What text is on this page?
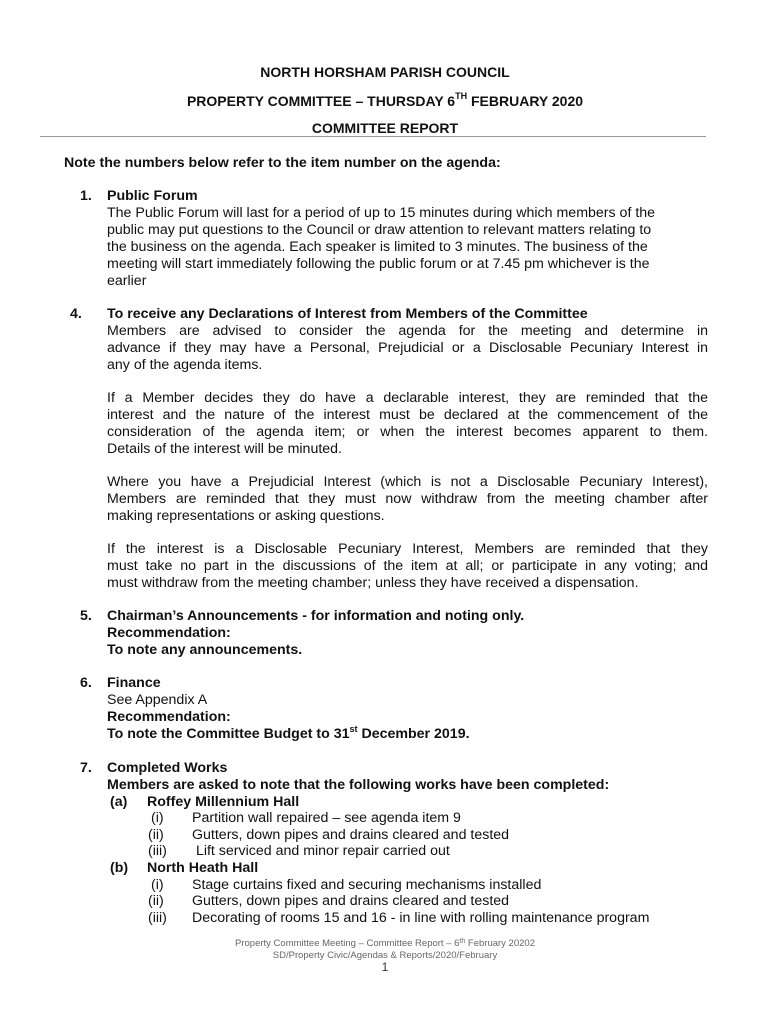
NORTH HORSHAM PARISH COUNCIL
PROPERTY COMMITTEE – THURSDAY 6TH FEBRUARY 2020
COMMITTEE REPORT
Note the numbers below refer to the item number on the agenda:
1. Public Forum
The Public Forum will last for a period of up to 15 minutes during which members of the
public may put questions to the Council or draw attention to relevant matters relating to
the business on the agenda. Each speaker is limited to 3 minutes. The business of the
meeting will start immediately following the public forum or at 7.45 pm whichever is the
earlier
4. To receive any Declarations of Interest from Members of the Committee
Members are advised to consider the agenda for the meeting and determine in
advance if they may have a Personal, Prejudicial or a Disclosable Pecuniary Interest in
any of the agenda items.
If a Member decides they do have a declarable interest, they are reminded that the
interest and the nature of the interest must be declared at the commencement of the
consideration of the agenda item; or when the interest becomes apparent to them.
Details of the interest will be minuted.
Where you have a Prejudicial Interest (which is not a Disclosable Pecuniary Interest),
Members are reminded that they must now withdraw from the meeting chamber after
making representations or asking questions.
If the interest is a Disclosable Pecuniary Interest, Members are reminded that they
must take no part in the discussions of the item at all; or participate in any voting; and
must withdraw from the meeting chamber; unless they have received a dispensation.
5. Chairman’s Announcements - for information and noting only.
Recommendation:
To note any announcements.
6. Finance
See Appendix A
Recommendation:
To note the Committee Budget to 31st December 2019.
7. Completed Works
Members are asked to note that the following works have been completed:
(a) Roffey Millennium Hall
(i) Partition wall repaired – see agenda item 9
(ii) Gutters, down pipes and drains cleared and tested
(iii) Lift serviced and minor repair carried out
(b) North Heath Hall
(i) Stage curtains fixed and securing mechanisms installed
(ii) Gutters, down pipes and drains cleared and tested
(iii) Decorating of rooms 15 and 16 - in line with rolling maintenance program
Property Committee Meeting – Committee Report – 6th February 20202
SD/Property Civic/Agendas & Reports/2020/February
1
